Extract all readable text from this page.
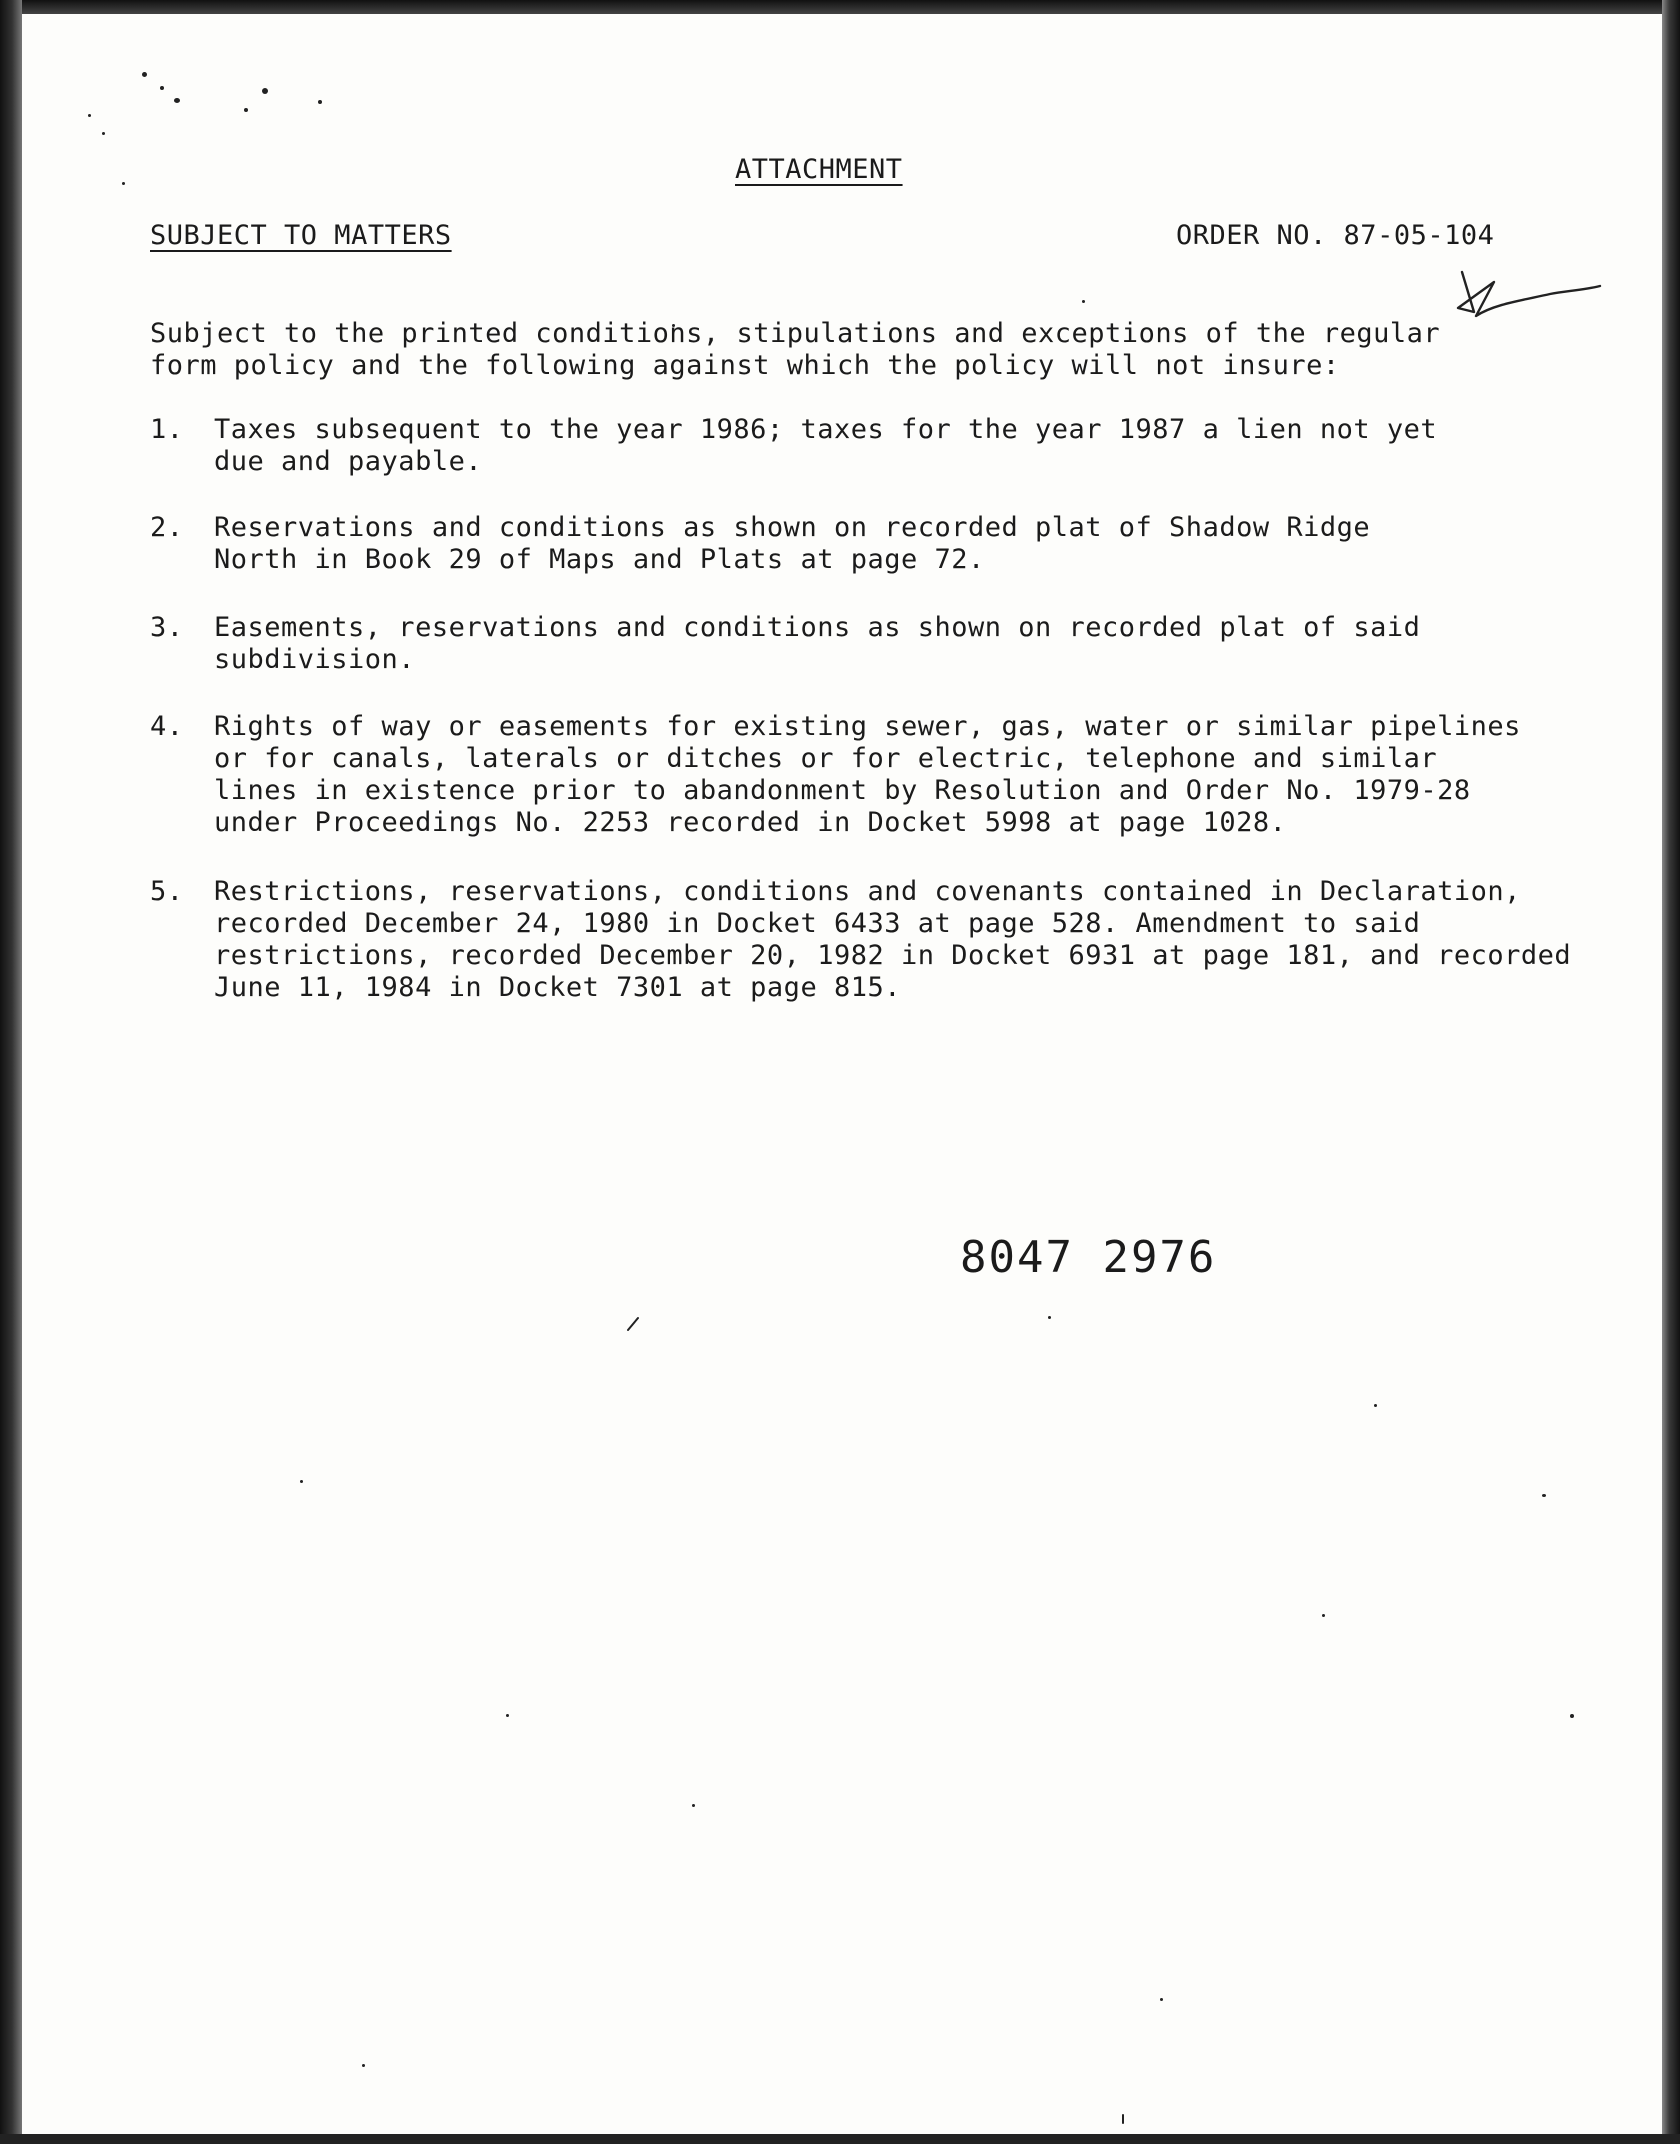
ATTACHMENT
SUBJECT TO MATTERS	ORDER NO. 87-05-104
Subject to the printed conditions, stipulations and exceptions of the regular
form policy and the following against which the policy will not insure:
1.	Taxes subsequent to the year 1986; taxes for the year 1987 a lien not yet
due and payable.
2.	Reservations and conditions as shown on recorded plat of Shadow Ridge
North in Book 29 of Maps and Plats at page 72.
3.	Easements, reservations and conditions as shown on recorded plat of said
subdivision.
4.	Rights of way or easements for existing sewer, gas, water or similar pipelines
or for canals, laterals or ditches or for electric, telephone and similar
lines in existence prior to abandonment by Resolution and Order No. 1979-28
under Proceedings No. 2253 recorded in Docket 5998 at page 1028.
5.	Restrictions, reservations, conditions and covenants contained in Declaration,
recorded December 24, 1980 in Docket 6433 at page 528. Amendment to said
restrictions, recorded December 20, 1982 in Docket 6931 at page 181, and recorded
June 11, 1984 in Docket 7301 at page 815.
8047 2976
